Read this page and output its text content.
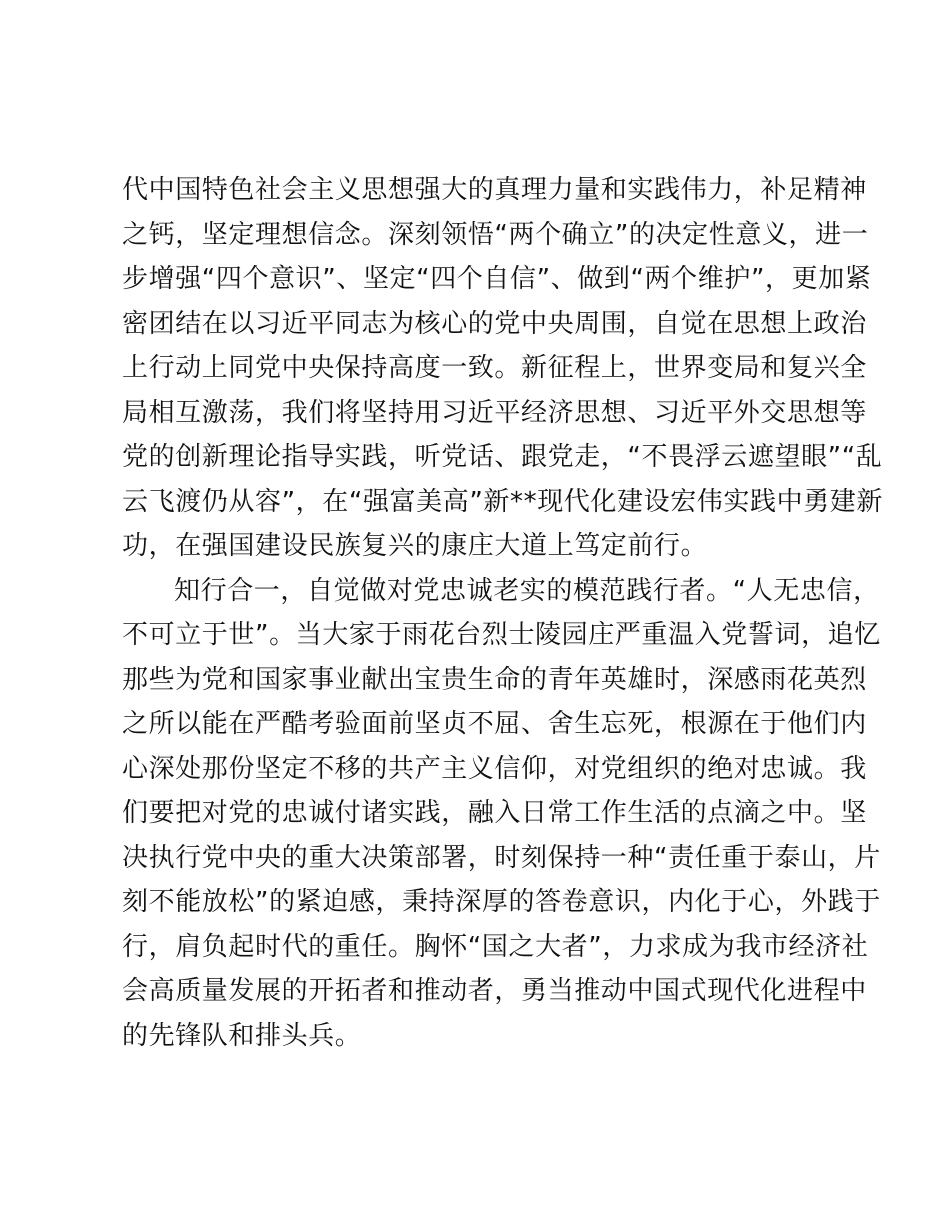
代中国特色社会主义思想强大的真理力量和实践伟力，补足精神
之钙，坚定理想信念。深刻领悟“两个确立”的决定性意义，进一
步增强“四个意识”、坚定“四个自信”、做到“两个维护”，更加紧
密团结在以习近平同志为核心的党中央周围，自觉在思想上政治
上行动上同党中央保持高度一致。新征程上，世界变局和复兴全
局相互激荡，我们将坚持用习近平经济思想、习近平外交思想等
党的创新理论指导实践，听党话、跟党走，“不畏浮云遮望眼”“乱
云飞渡仍从容”，在“强富美高”新**现代化建设宏伟实践中勇建新
功，在强国建设民族复兴的康庄大道上笃定前行。
知行合一，自觉做对党忠诚老实的模范践行者。“人无忠信，
不可立于世”。当大家于雨花台烈士陵园庄严重温入党誓词，追忆
那些为党和国家事业献出宝贵生命的青年英雄时，深感雨花英烈
之所以能在严酷考验面前坚贞不屈、舍生忘死，根源在于他们内
心深处那份坚定不移的共产主义信仰，对党组织的绝对忠诚。我
们要把对党的忠诚付诸实践，融入日常工作生活的点滴之中。坚
决执行党中央的重大决策部署，时刻保持一种“责任重于泰山，片
刻不能放松”的紧迫感，秉持深厚的答卷意识，内化于心，外践于
行，肩负起时代的重任。胸怀“国之大者”，力求成为我市经济社
会高质量发展的开拓者和推动者，勇当推动中国式现代化进程中
的先锋队和排头兵。
